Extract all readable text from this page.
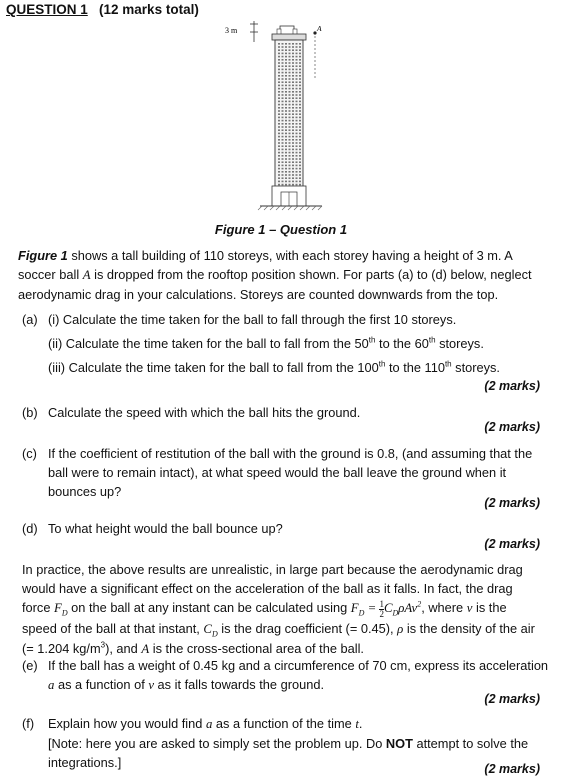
QUESTION 1 (12 marks total)
3 m	A
Figure 1 – Question 1
Figure 1 shows a tall building of 110 storeys, with each storey having a height of 3 m. A
soccer ball A is dropped from the rooftop position shown. For parts (a) to (d) below, neglect
aerodynamic drag in your calculations. Storeys are counted downwards from the top.
(a) (i) Calculate the time taken for the ball to fall through the first 10 storeys.
(ii) Calculate the time taken for the ball to fall from the 50th to the 60th storeys.
(iii) Calculate the time taken for the ball to fall from the 100th to the 110th storeys.
(2 marks)
(b) Calculate the speed with which the ball hits the ground.
(2 marks)
(c) If the coefficient of restitution of the ball with the ground is 0.8, (and assuming that the
ball were to remain intact), at what speed would the ball leave the ground when it
bounces up?
(2 marks)
(d) To what height would the ball bounce up?
(2 marks)
In practice, the above results are unrealistic, in large part because the aerodynamic drag
would have a significant effect on the acceleration of the ball as it falls. In fact, the drag
force $F_D$ on the ball at any instant can be calculated using $F_D = \frac{1}{2} C_D\rho Av^2$, where v is the
speed of the ball at that instant, $C_D$ is the drag coefficient (= 0.45), ρ is the density of the air
(= 1.204 $kg/m^3$), and A is the cross-sectional area of the ball.
(e) If the ball has a weight of 0.45 kg and a circumference of 70 cm, express its acceleration
a as a function of v as it falls towards the ground.
(2 marks)
(f) Explain how you would find a as a function of the time t.
[Note: here you are asked to simply set the problem up. Do NOT attempt to solve the
integrations.]	(2 marks)
